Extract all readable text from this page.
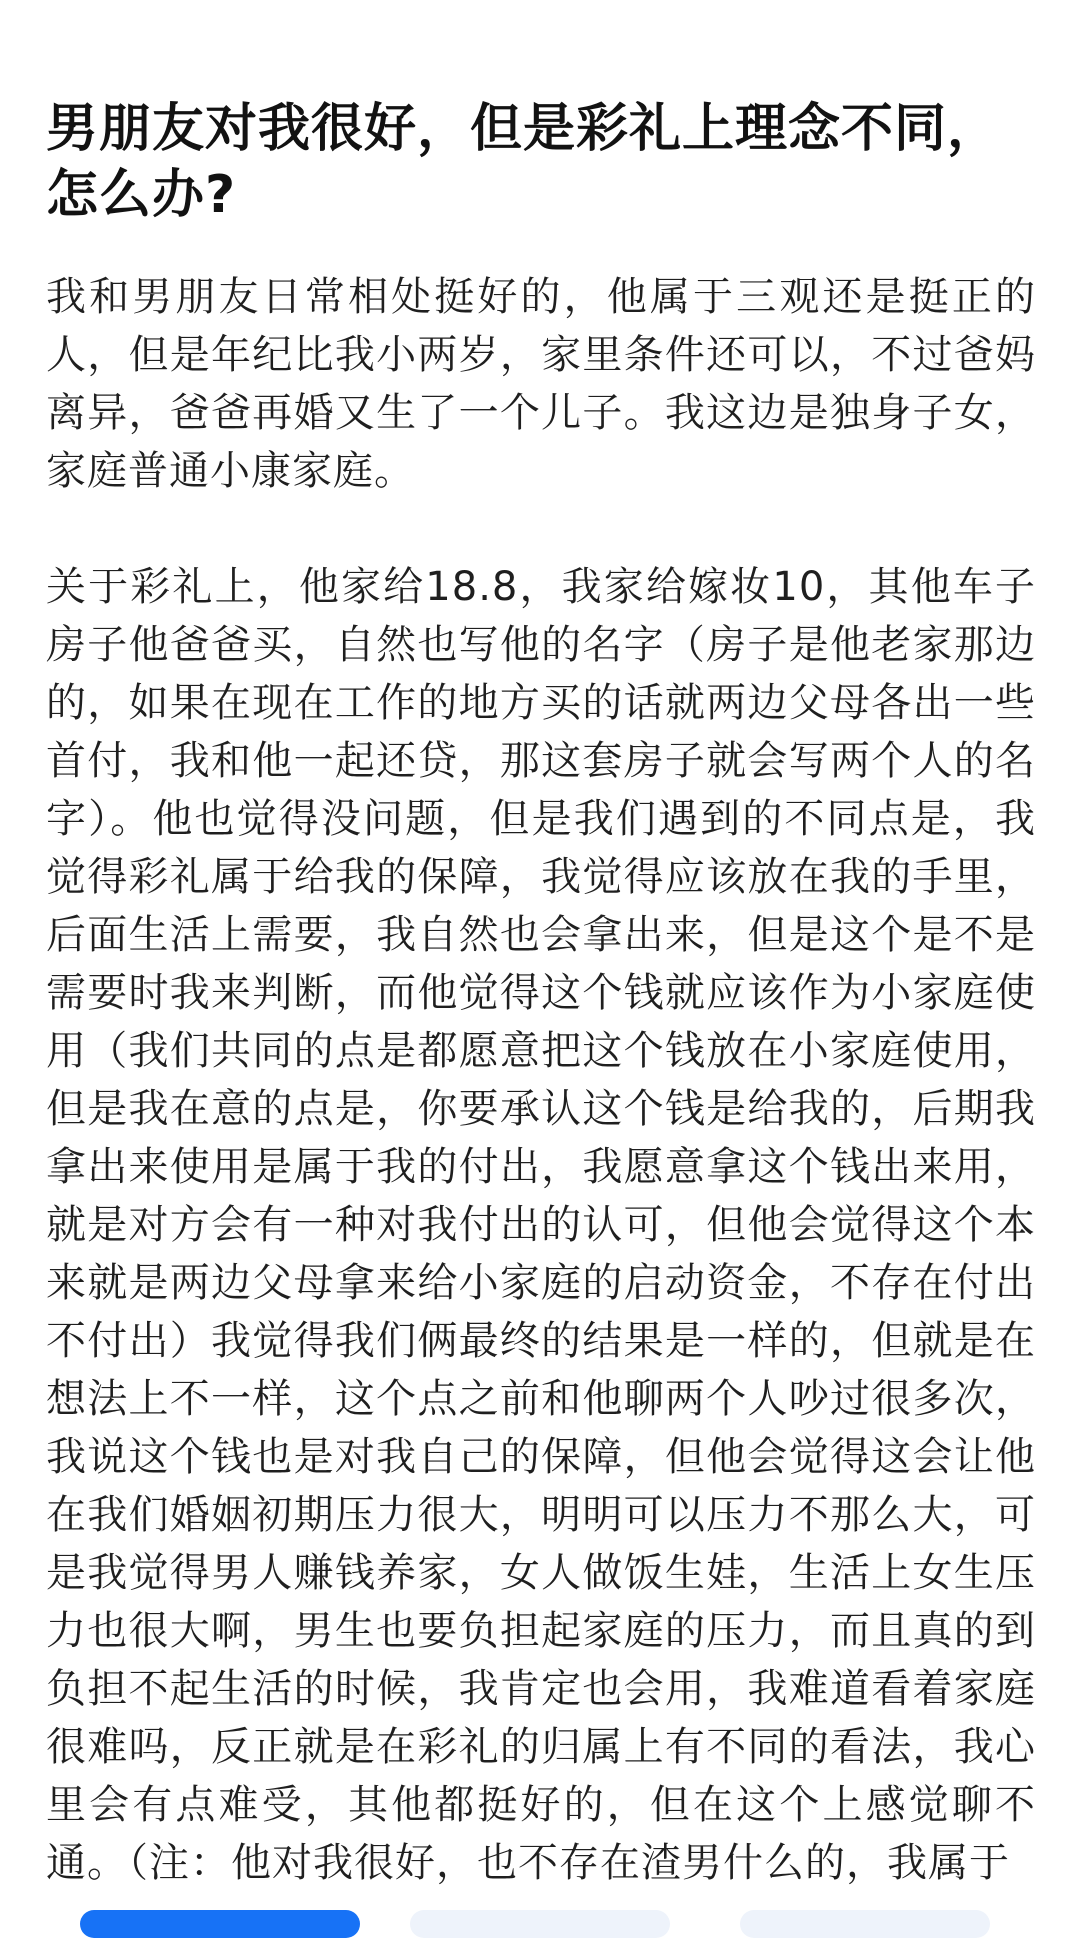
男朋友对我很好，但是彩礼上理念不同，怎么办?

我和男朋友日常相处挺好的，他属于三观还是挺正的人，但是年纪比我小两岁，家里条件还可以，不过爸妈离异，爸爸再婚又生了一个儿子。我这边是独身子女，家庭普通小康家庭。

关于彩礼上，他家给18.8，我家给嫁妆10，其他车子房子他爸爸买，自然也写他的名字（房子是他老家那边的，如果在现在工作的地方买的话就两边父母各出一些首付，我和他一起还贷，那这套房子就会写两个人的名字）。他也觉得没问题，但是我们遇到的不同点是，我觉得彩礼属于给我的保障，我觉得应该放在我的手里，后面生活上需要，我自然也会拿出来，但是这个是不是需要时我来判断，而他觉得这个钱就应该作为小家庭使用（我们共同的点是都愿意把这个钱放在小家庭使用，但是我在意的点是，你要承认这个钱是给我的，后期我拿出来使用是属于我的付出，我愿意拿这个钱出来用，就是对方会有一种对我付出的认可，但他会觉得这个本来就是两边父母拿来给小家庭的启动资金，不存在付出不付出）我觉得我们俩最终的结果是一样的，但就是在想法上不一样，这个点之前和他聊两个人吵过很多次，我说这个钱也是对我自己的保障，但他会觉得这会让他在我们婚姻初期压力很大，明明可以压力不那么大，可是我觉得男人赚钱养家，女人做饭生娃，生活上女生压力也很大啊，男生也要负担起家庭的压力，而且真的到负担不起生活的时候，我肯定也会用，我难道看着家庭很难吗，反正就是在彩礼的归属上有不同的看法，我心里会有点难受，其他都挺好的，但在这个上感觉聊不通。（注：他对我很好，也不存在渣男什么的，我属于
